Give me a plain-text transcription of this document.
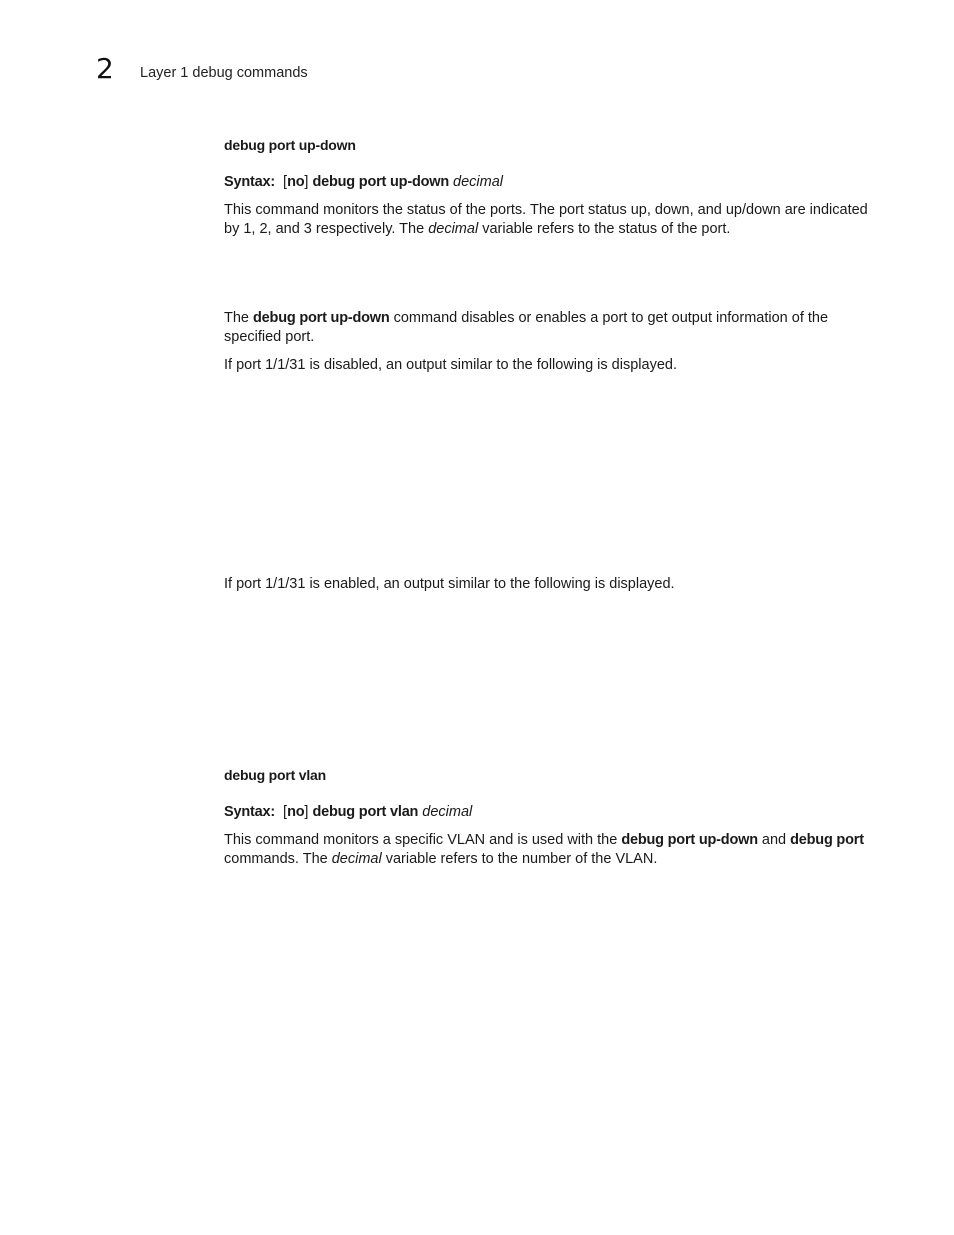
2 Layer 1 debug commands
debug port up-down
Syntax: [no] debug port up-down decimal

This command monitors the status of the ports. The port status up, down, and up/down are indicated by 1, 2, and 3 respectively. The decimal variable refers to the status of the port.

The debug port up-down command disables or enables a port to get output information of the specified port.

If port 1/1/31 is disabled, an output similar to the following is displayed.

If port 1/1/31 is enabled, an output similar to the following is displayed.

debug port vlan
Syntax: [no] debug port vlan decimal

This command monitors a specific VLAN and is used with the debug port up-down and debug port commands. The decimal variable refers to the number of the VLAN.
